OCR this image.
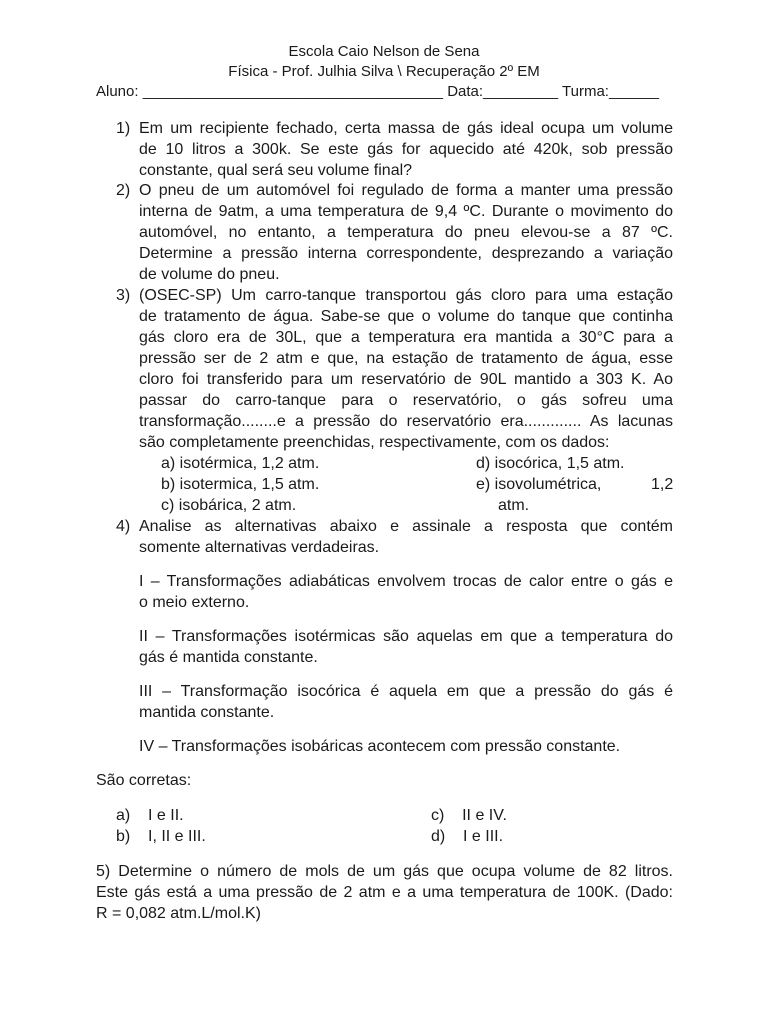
Escola Caio Nelson de Sena
Física - Prof. Julhia Silva \ Recuperação 2º EM
Aluno: ____________________________________ Data:_________ Turma:______
1) Em um recipiente fechado, certa massa de gás ideal ocupa um volume
de 10 litros a 300k. Se este gás for aquecido até 420k, sob pressão
constante, qual será seu volume final?
2) O pneu de um automóvel foi regulado de forma a manter uma pressão
interna de 9atm, a uma temperatura de 9,4 ºC. Durante o movimento do
automóvel, no entanto, a temperatura do pneu elevou-se a 87 ºC.
Determine a pressão interna correspondente, desprezando a variação
de volume do pneu.
3) (OSEC-SP) Um carro-tanque transportou gás cloro para uma estação
de tratamento de água. Sabe-se que o volume do tanque que continha
gás cloro era de 30L, que a temperatura era mantida a 30°C para a
pressão ser de 2 atm e que, na estação de tratamento de água, esse
cloro foi transferido para um reservatório de 90L mantido a 303 K. Ao
passar do carro-tanque para o reservatório, o gás sofreu uma
transformação........e a pressão do reservatório era............. As lacunas
são completamente preenchidas, respectivamente, com os dados:
a) isotérmica, 1,2 atm.
b) isotermica, 1,5 atm.
c) isobárica, 2 atm.
d) isocórica, 1,5 atm.
e) isovolumétrica,	1,2
atm.
4) Analise as alternativas abaixo e assinale a resposta que contém
somente alternativas verdadeiras.
I – Transformações adiabáticas envolvem trocas de calor entre o gás e
o meio externo.
II – Transformações isotérmicas são aquelas em que a temperatura do
gás é mantida constante.
III – Transformação isocórica é aquela em que a pressão do gás é
mantida constante.
IV – Transformações isobáricas acontecem com pressão constante.
São corretas:
a)    I e II.
b)    I, II e III.
c)    II e IV.
d)    I e III.
5) Determine o número de mols de um gás que ocupa volume de 82 litros.
Este gás está a uma pressão de 2 atm e a uma temperatura de 100K. (Dado:
R = 0,082 atm.L/mol.K)
